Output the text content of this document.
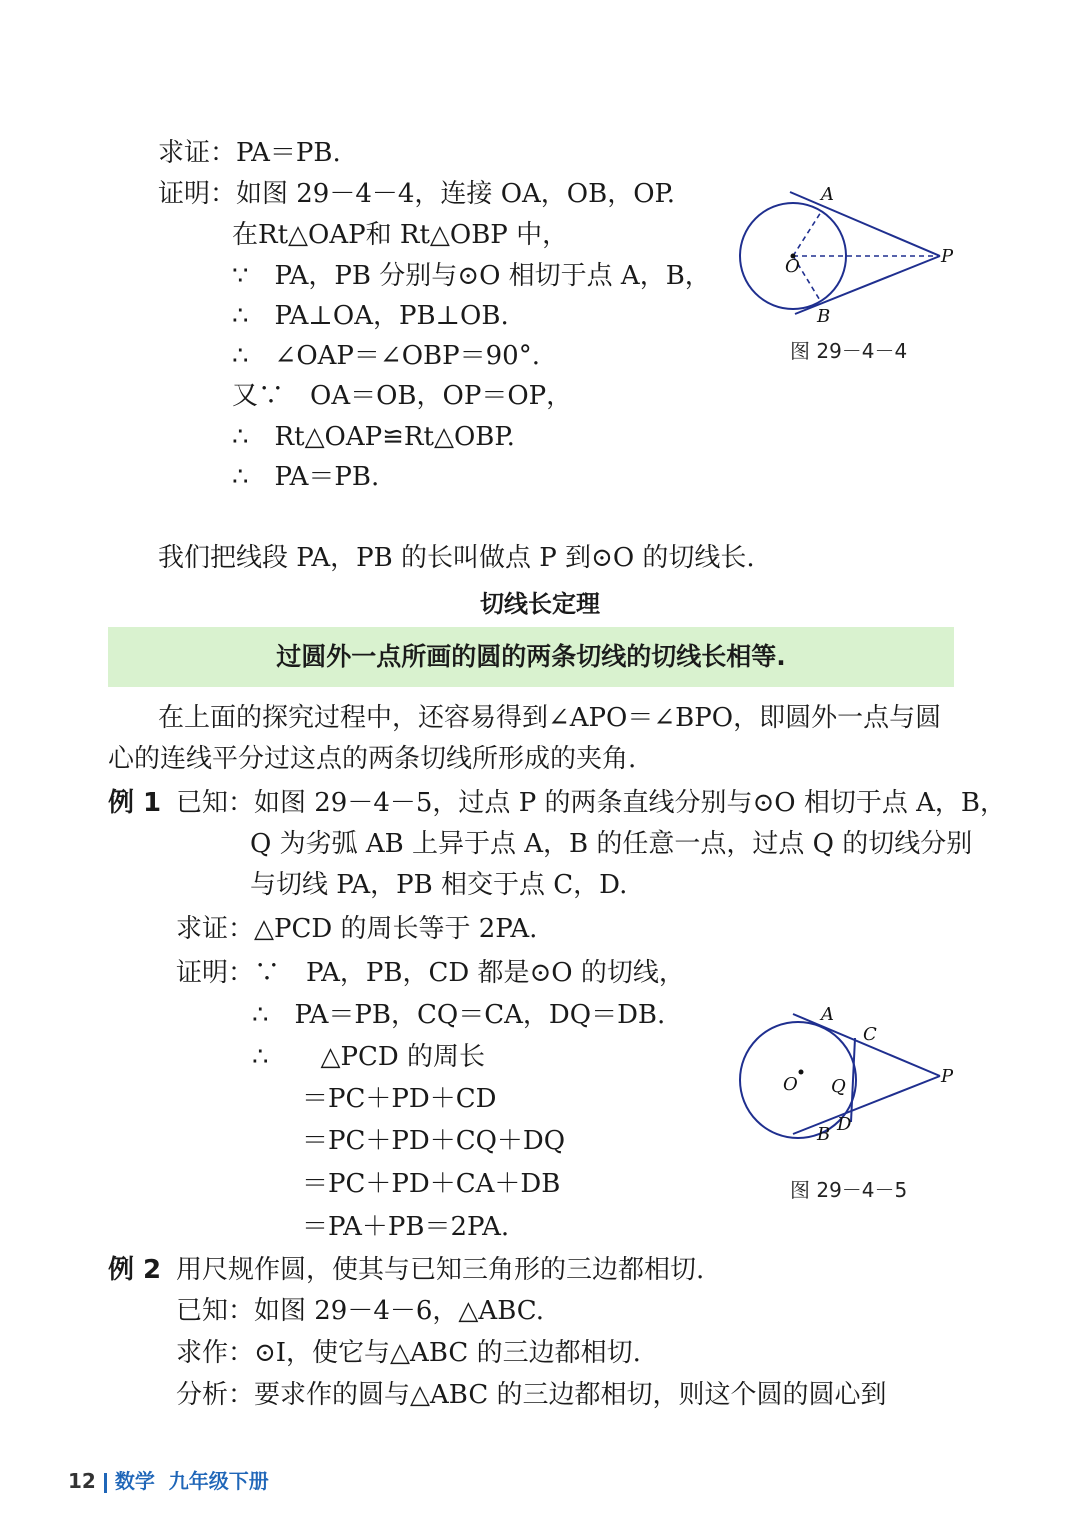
求证：PA＝PB.
证明：如图 29－4－4，连接 OA，OB，OP.
在Rt△OAP和 Rt△OBP 中，
∵　PA，PB 分别与⊙O 相切于点 A，B，
∴　PA⊥OA，PB⊥OB.
∴　∠OAP＝∠OBP＝90°.
又∵　OA＝OB，OP＝OP，
∴　Rt△OAP≌Rt△OBP.
∴　PA＝PB.
A
O	P
B
图 29－4－4
我们把线段 PA，PB 的长叫做点 P 到⊙O 的切线长.
切线长定理
过圆外一点所画的圆的两条切线的切线长相等.
在上面的探究过程中，还容易得到∠APO＝∠BPO，即圆外一点与圆
心的连线平分过这点的两条切线所形成的夹角.
例 1 已知：如图 29－4－5，过点 P 的两条直线分别与⊙O 相切于点 A，B，
Q 为劣弧 AB 上异于点 A，B 的任意一点，过点 Q 的切线分别
与切线 PA，PB 相交于点 C，D.
求证：△PCD 的周长等于 2PA.
证明：∵　PA，PB，CD 都是⊙O 的切线，
∴　PA＝PB，CQ＝CA，DQ＝DB.
∴　　△PCD 的周长
＝PC＋PD＋CD
＝PC＋PD＋CQ＋DQ
＝PC＋PD＋CA＋DB
＝PA＋PB＝2PA.
A
C
O Q	P
B D
图 29－4－5
例 2 用尺规作圆，使其与已知三角形的三边都相切.
已知：如图 29－4－6，△ABC.
求作：⊙I，使它与△ABC 的三边都相切.
分析：要求作的圆与△ABC 的三边都相切，则这个圆的圆心到
12 数学 九年级下册
